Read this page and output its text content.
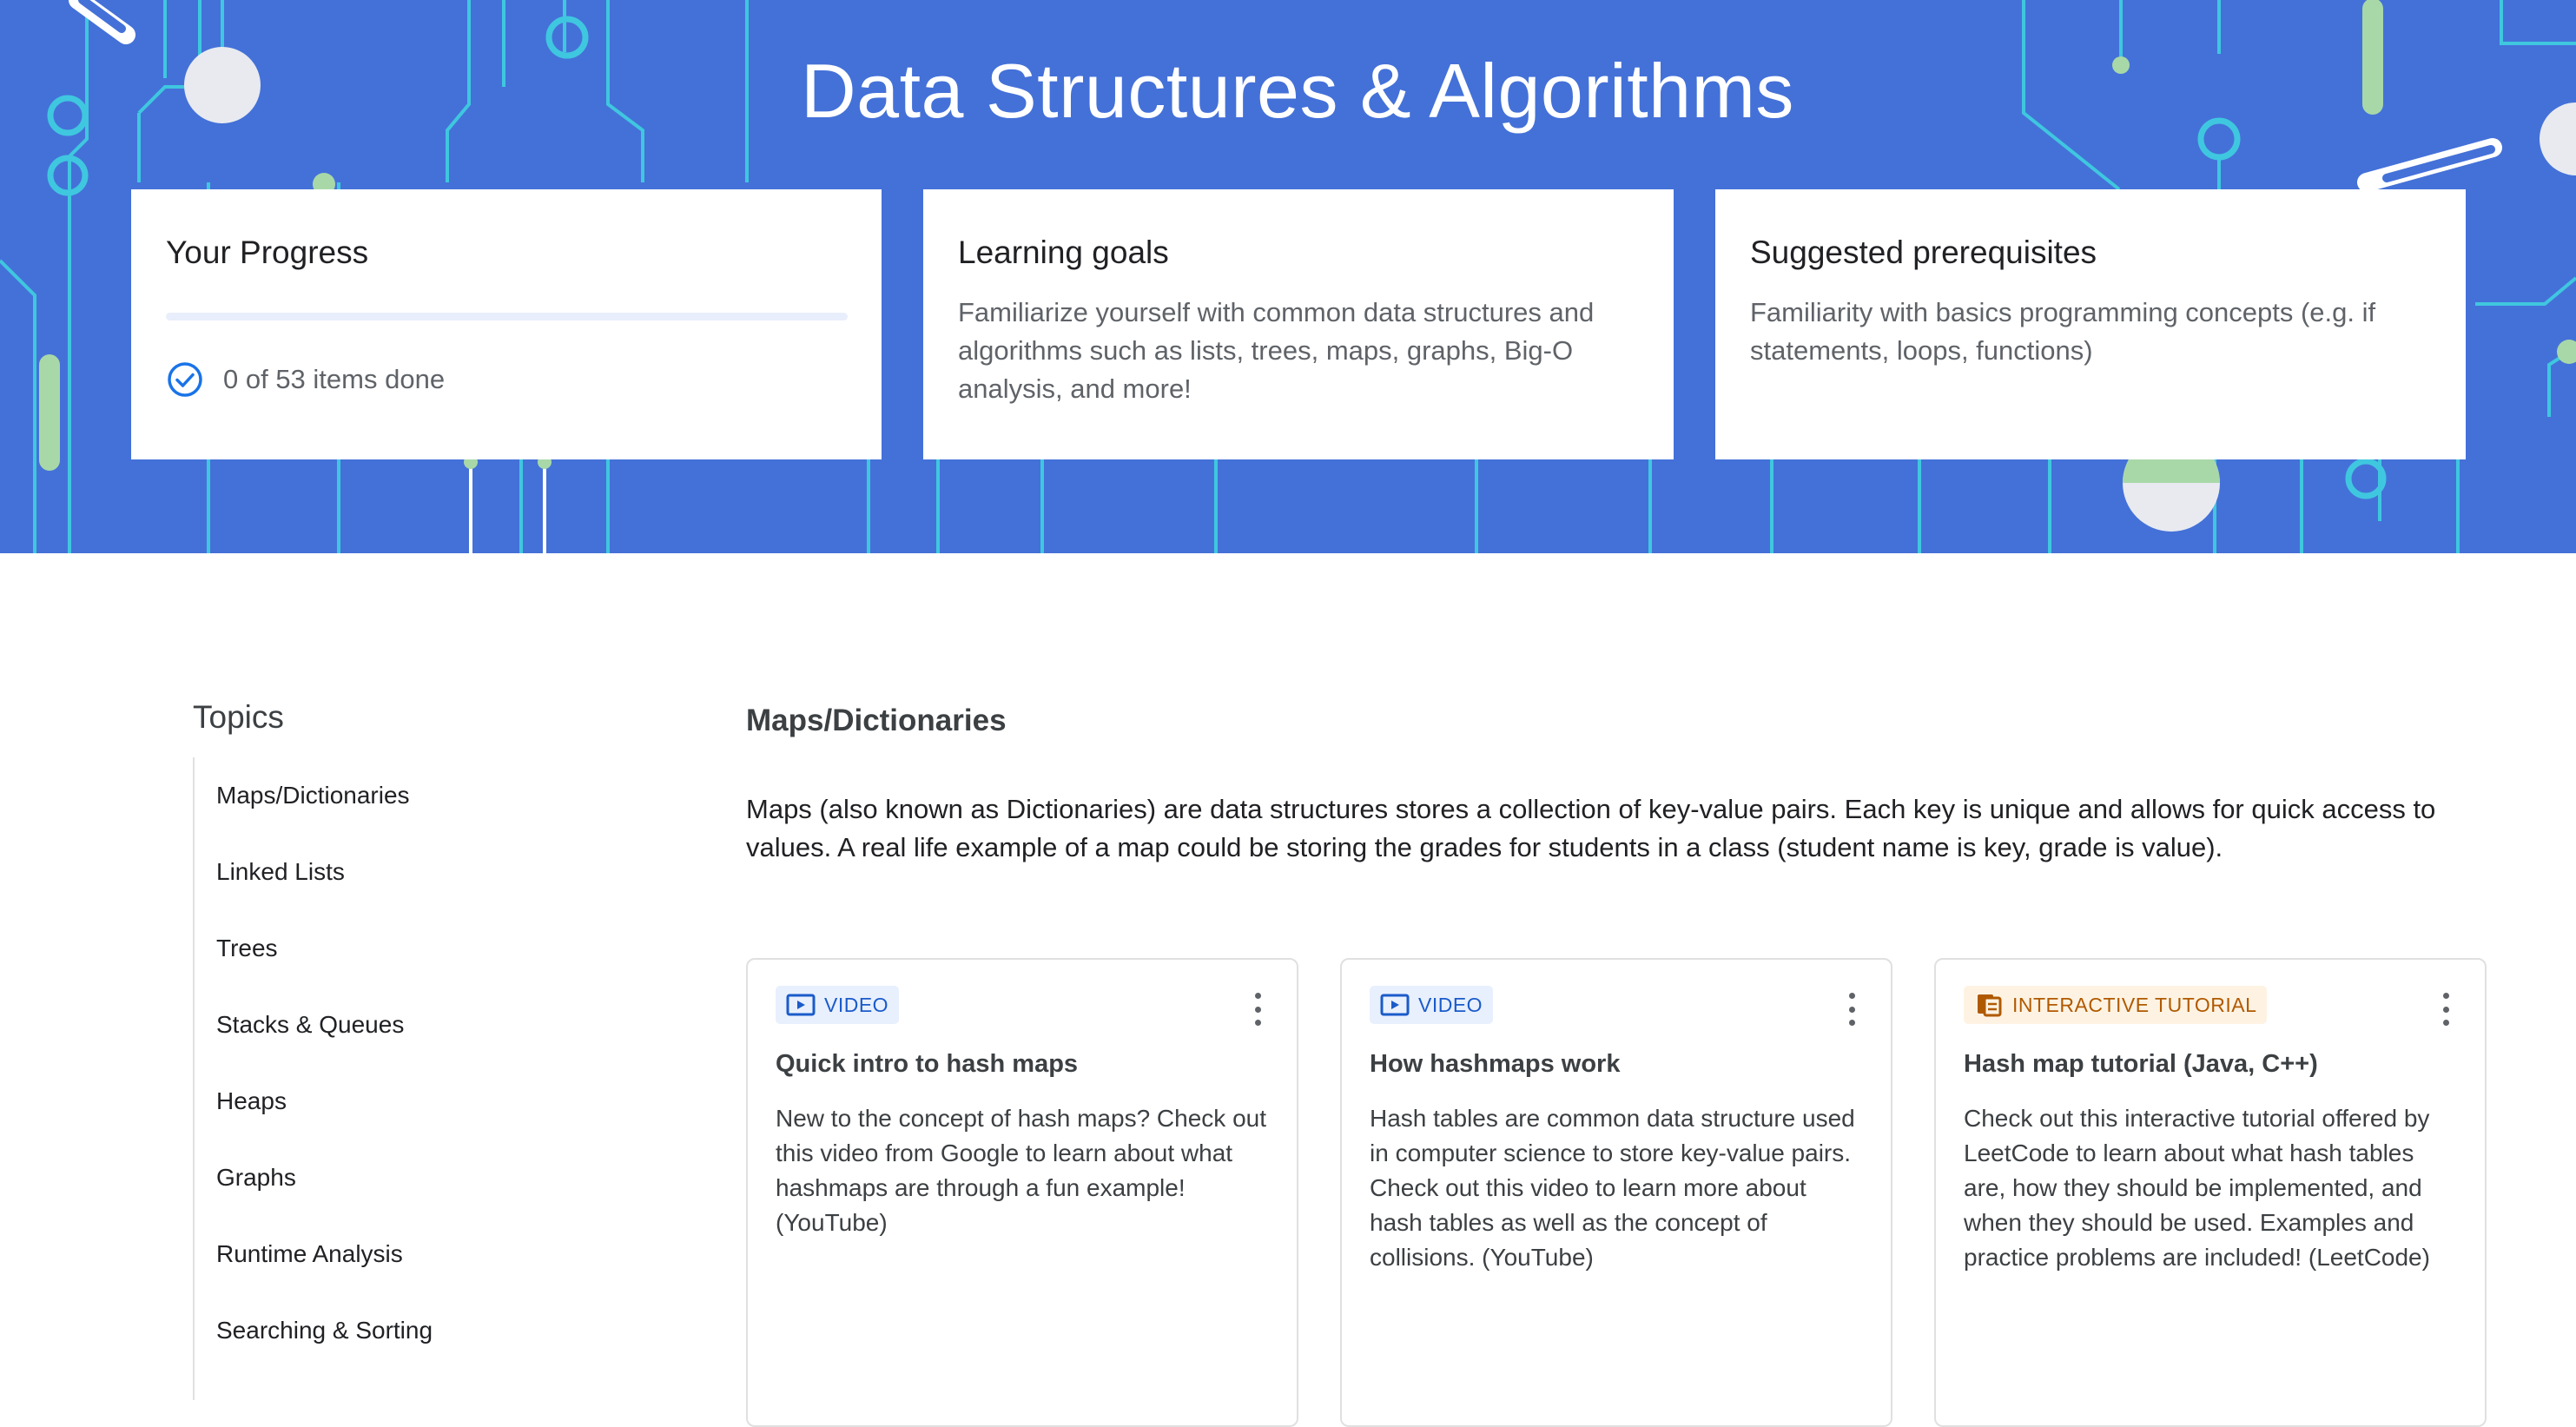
Data Structures & Algorithms
Your Progress
0 of 53 items done
Learning goals

Familiarize yourself with common data structures and algorithms such as lists, trees, maps, graphs, Big-O analysis, and more!

Suggested prerequisites

Familiarity with basics programming concepts (e.g. if statements, loops, functions)

Topics
Maps/Dictionaries
Linked Lists
Trees
Stacks & Queues
Heaps
Graphs
Runtime Analysis
Searching & Sorting
Maps/Dictionaries

Maps (also known as Dictionaries) are data structures stores a collection of key-value pairs. Each key is unique and allows for quick access to values. A real life example of a map could be storing the grades for students in a class (student name is key, grade is value).

VIDEO
Quick intro to hash maps

New to the concept of hash maps? Check out this video from Google to learn about what hashmaps are through a fun example! (YouTube)

VIDEO
How hashmaps work

Hash tables are common data structure used in computer science to store key-value pairs. Check out this video to learn more about hash tables as well as the concept of collisions. (YouTube)

INTERACTIVE TUTORIAL
Hash map tutorial (Java, C++)

Check out this interactive tutorial offered by LeetCode to learn about what hash tables are, how they should be implemented, and when they should be used. Examples and practice problems are included! (LeetCode)
